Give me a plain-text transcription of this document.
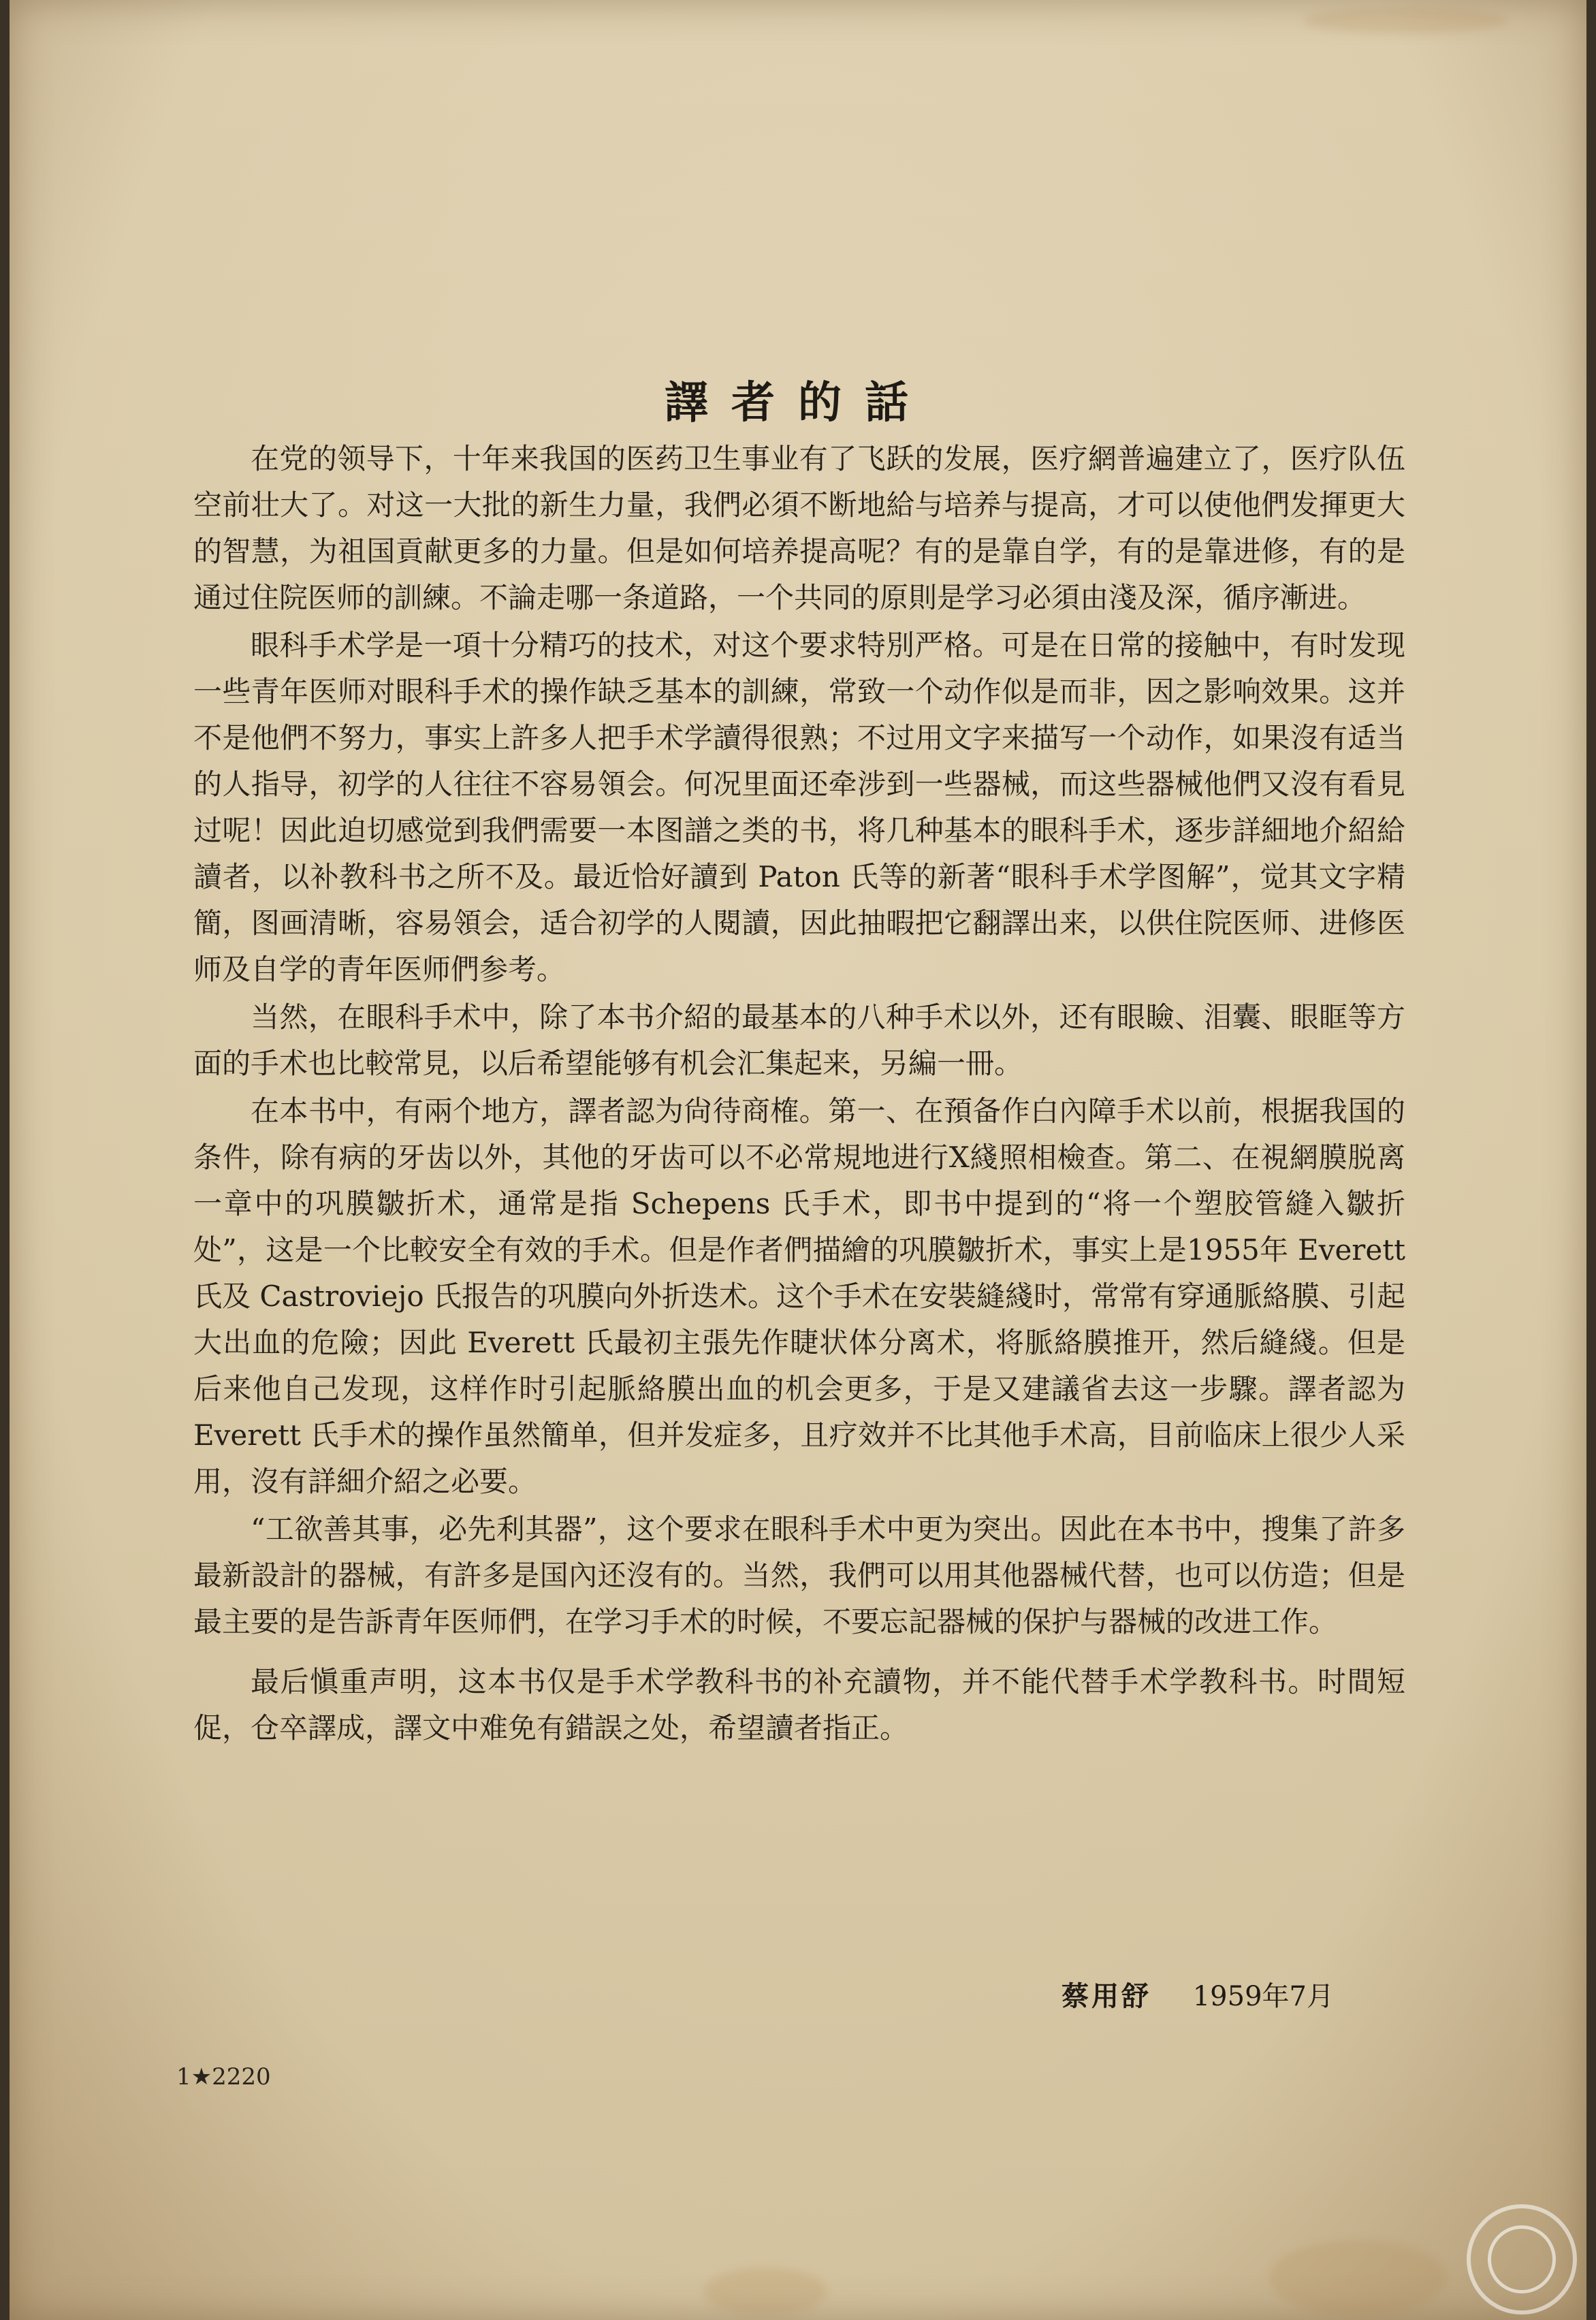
譯者的話

在党的领导下，十年来我国的医药卫生事业有了飞跃的发展，医疗網普遍建立了，医疗队伍空前壮大了。对这一大批的新生力量，我們必須不断地給与培养与提高，才可以使他們发揮更大的智慧，为祖国貢献更多的力量。但是如何培养提高呢？有的是靠自学，有的是靠进修，有的是通过住院医师的訓練。不論走哪一条道路，一个共同的原則是学习必須由淺及深，循序漸进。

眼科手术学是一項十分精巧的技术，对这个要求特別严格。可是在日常的接触中，有时发现一些青年医师对眼科手术的操作缺乏基本的訓練，常致一个动作似是而非，因之影响效果。这并不是他們不努力，事实上許多人把手术学讀得很熟；不过用文字来描写一个动作，如果沒有适当的人指导，初学的人往往不容易領会。何况里面还牵涉到一些器械，而这些器械他們又沒有看見过呢！因此迫切感觉到我們需要一本图譜之类的书，将几种基本的眼科手术，逐步詳細地介紹給讀者，以补教科书之所不及。最近恰好讀到 Paton 氏等的新著“眼科手术学图解”，觉其文字精簡，图画清晰，容易領会，适合初学的人閱讀，因此抽暇把它翻譯出来，以供住院医师、进修医师及自学的青年医师們参考。

当然，在眼科手术中，除了本书介紹的最基本的八种手术以外，还有眼瞼、泪囊、眼眶等方面的手术也比較常見，以后希望能够有机会汇集起来，另編一冊。

在本书中，有兩个地方，譯者認为尙待商榷。第一、在預备作白內障手术以前，根据我国的条件，除有病的牙齿以外，其他的牙齿可以不必常規地进行X綫照相檢查。第二、在視網膜脱离一章中的巩膜皺折术，通常是指 Schepens 氏手术，即书中提到的“将一个塑胶管縫入皺折处”，这是一个比較安全有效的手术。但是作者們描繪的巩膜皺折术，事实上是1955年 Everett 氏及 Castroviejo 氏报告的巩膜向外折迭术。这个手术在安裝縫綫时，常常有穿通脈絡膜、引起大出血的危險；因此 Everett 氏最初主張先作睫状体分离术，将脈絡膜推开，然后縫綫。但是后来他自己发现，这样作时引起脈絡膜出血的机会更多，于是又建議省去这一步驟。譯者認为 Everett 氏手术的操作虽然簡单，但并发症多，且疗效并不比其他手术高，目前临床上很少人采用，沒有詳細介紹之必要。

“工欲善其事，必先利其器”，这个要求在眼科手术中更为突出。因此在本书中，搜集了許多最新設計的器械，有許多是国內还沒有的。当然，我們可以用其他器械代替，也可以仿造；但是最主要的是告訴青年医师們，在学习手术的时候，不要忘記器械的保护与器械的改进工作。

最后愼重声明，这本书仅是手术学教科书的补充讀物，并不能代替手术学教科书。时間短促，仓卒譯成，譯文中难免有錯誤之处，希望讀者指正。

蔡用舒 1959年7月
1★2220
